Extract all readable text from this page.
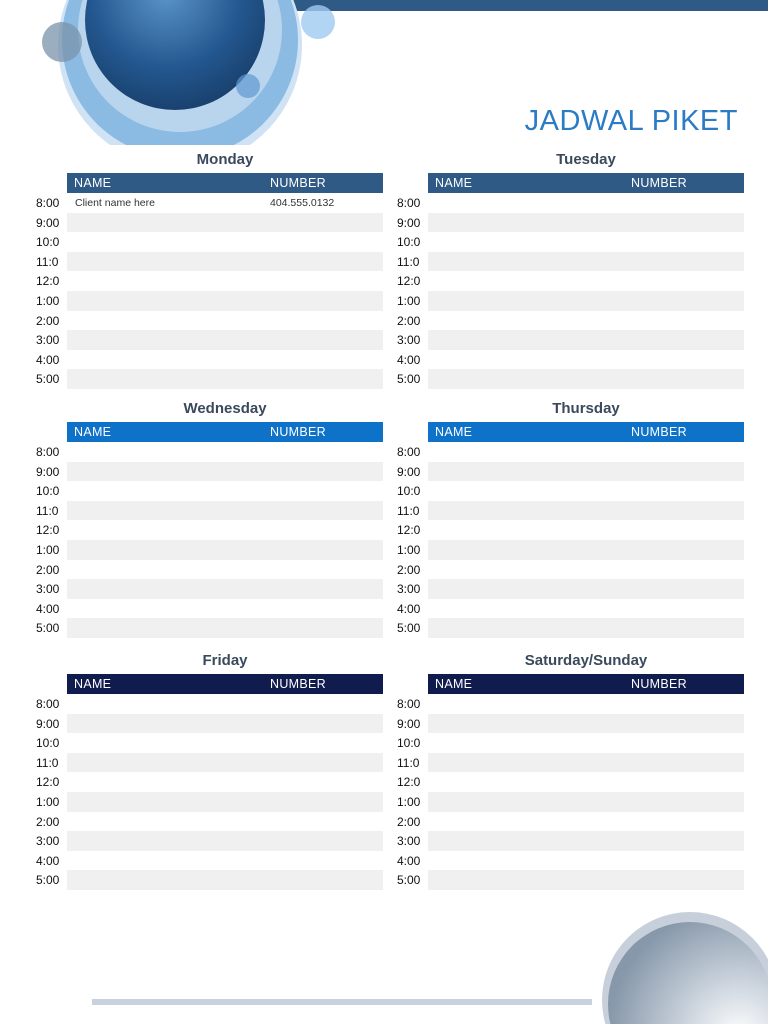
JADWAL PIKET
Monday
NAME	NUMBER
8:00	Client name here	404.555.0132
9:00
10:0
11:0
12:0
1:00
2:00
3:00
4:00
5:00
Tuesday
NAME	NUMBER
8:00
9:00
10:0
11:0
12:0
1:00
2:00
3:00
4:00
5:00
Wednesday
NAME	NUMBER
8:00
9:00
10:0
11:0
12:0
1:00
2:00
3:00
4:00
5:00
Thursday
NAME	NUMBER
8:00
9:00
10:0
11:0
12:0
1:00
2:00
3:00
4:00
5:00
Friday
NAME	NUMBER
8:00
9:00
10:0
11:0
12:0
1:00
2:00
3:00
4:00
5:00
Saturday/Sunday
NAME	NUMBER
8:00
9:00
10:0
11:0
12:0
1:00
2:00
3:00
4:00
5:00
